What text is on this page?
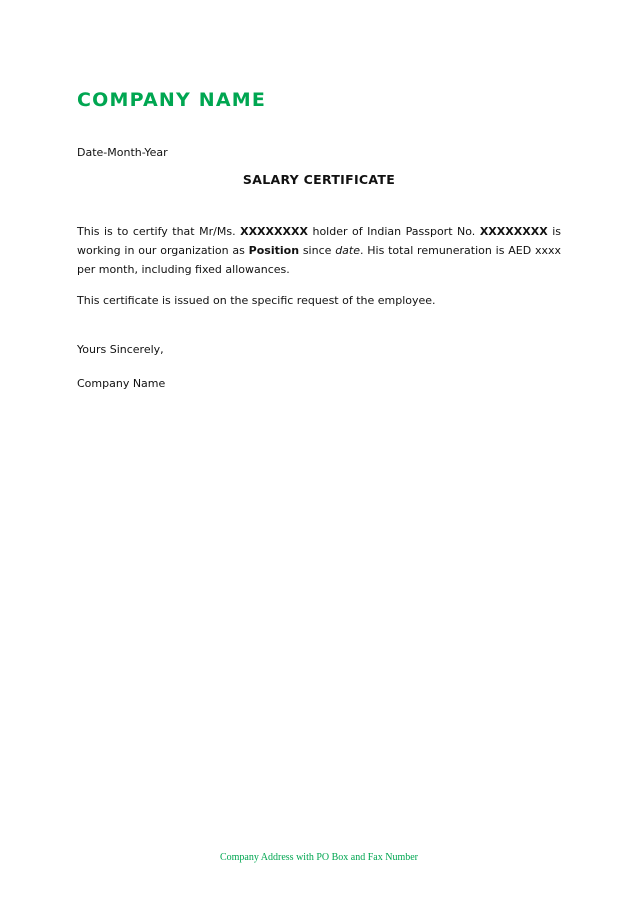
COMPANY NAME
Date-Month-Year
SALARY CERTIFICATE

This is to certify that Mr/Ms. XXXXXXXX holder of Indian Passport No. XXXXXXXX is working in our organization as Position since date. His total remuneration is AED xxxx per month, including fixed allowances.

This certificate is issued on the specific request of the employee.
Yours Sincerely,
Company Name
Company Address with PO Box and Fax Number
